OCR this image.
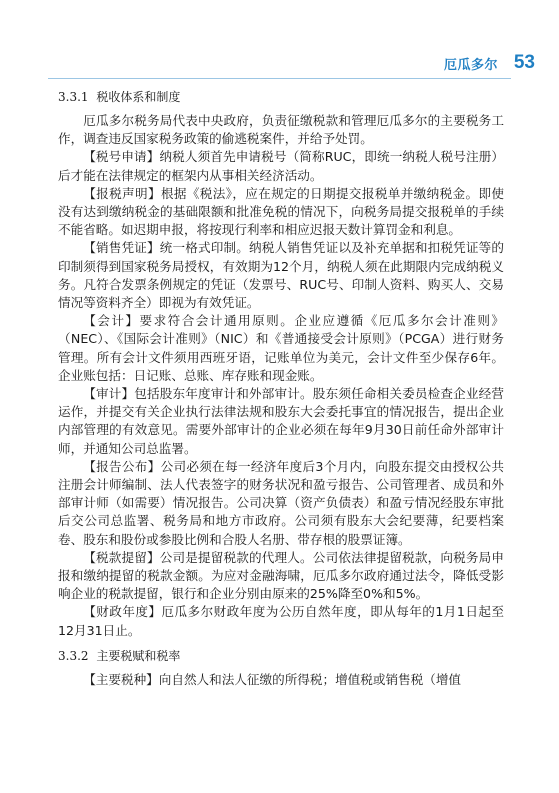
厄瓜多尔 53
3.3.1 税收体系和制度

厄瓜多尔税务局代表中央政府，负责征缴税款和管理厄瓜多尔的主要税务工作，调查违反国家税务政策的偷逃税案件，并给予处罚。

【税号申请】纳税人须首先申请税号（简称RUC，即统一纳税人税号注册）后才能在法律规定的框架内从事相关经济活动。

【报税声明】根据《税法》，应在规定的日期提交报税单并缴纳税金。即使没有达到缴纳税金的基础限额和批准免税的情况下，向税务局提交报税单的手续不能省略。如迟期申报，将按现行利率和相应迟报天数计算罚金和利息。

【销售凭证】统一格式印制。纳税人销售凭证以及补充单据和扣税凭证等的印制须得到国家税务局授权，有效期为12个月，纳税人须在此期限内完成纳税义务。凡符合发票条例规定的凭证（发票号、RUC号、印制人资料、购买人、交易情况等资料齐全）即视为有效凭证。

【会计】要求符合会计通用原则。企业应遵循《厄瓜多尔会计准则》（NEC）、《国际会计准则》（NIC）和《普通接受会计原则》（PCGA）进行财务管理。所有会计文件须用西班牙语，记账单位为美元，会计文件至少保存6年。企业账包括：日记账、总账、库存账和现金账。

【审计】包括股东年度审计和外部审计。股东须任命相关委员检查企业经营运作，并提交有关企业执行法律法规和股东大会委托事宜的情况报告，提出企业内部管理的有效意见。需要外部审计的企业必须在每年9月30日前任命外部审计师，并通知公司总监署。

【报告公布】公司必须在每一经济年度后3个月内，向股东提交由授权公共注册会计师编制、法人代表签字的财务状况和盈亏报告、公司管理者、成员和外部审计师（如需要）情况报告。公司决算（资产负债表）和盈亏情况经股东审批后交公司总监署、税务局和地方市政府。公司须有股东大会纪要薄，纪要档案卷、股东和股份或参股比例和合股人名册、带存根的股票证簿。

【税款提留】公司是提留税款的代理人。公司依法律提留税款，向税务局申报和缴纳提留的税款金额。为应对金融海啸，厄瓜多尔政府通过法令，降低受影响企业的税款提留，银行和企业分别由原来的25%降至0%和5%。

【财政年度】厄瓜多尔财政年度为公历自然年度，即从每年的1月1日起至12月31日止。

3.3.2 主要税赋和税率

【主要税种】向自然人和法人征缴的所得税；增值税或销售税（增值
